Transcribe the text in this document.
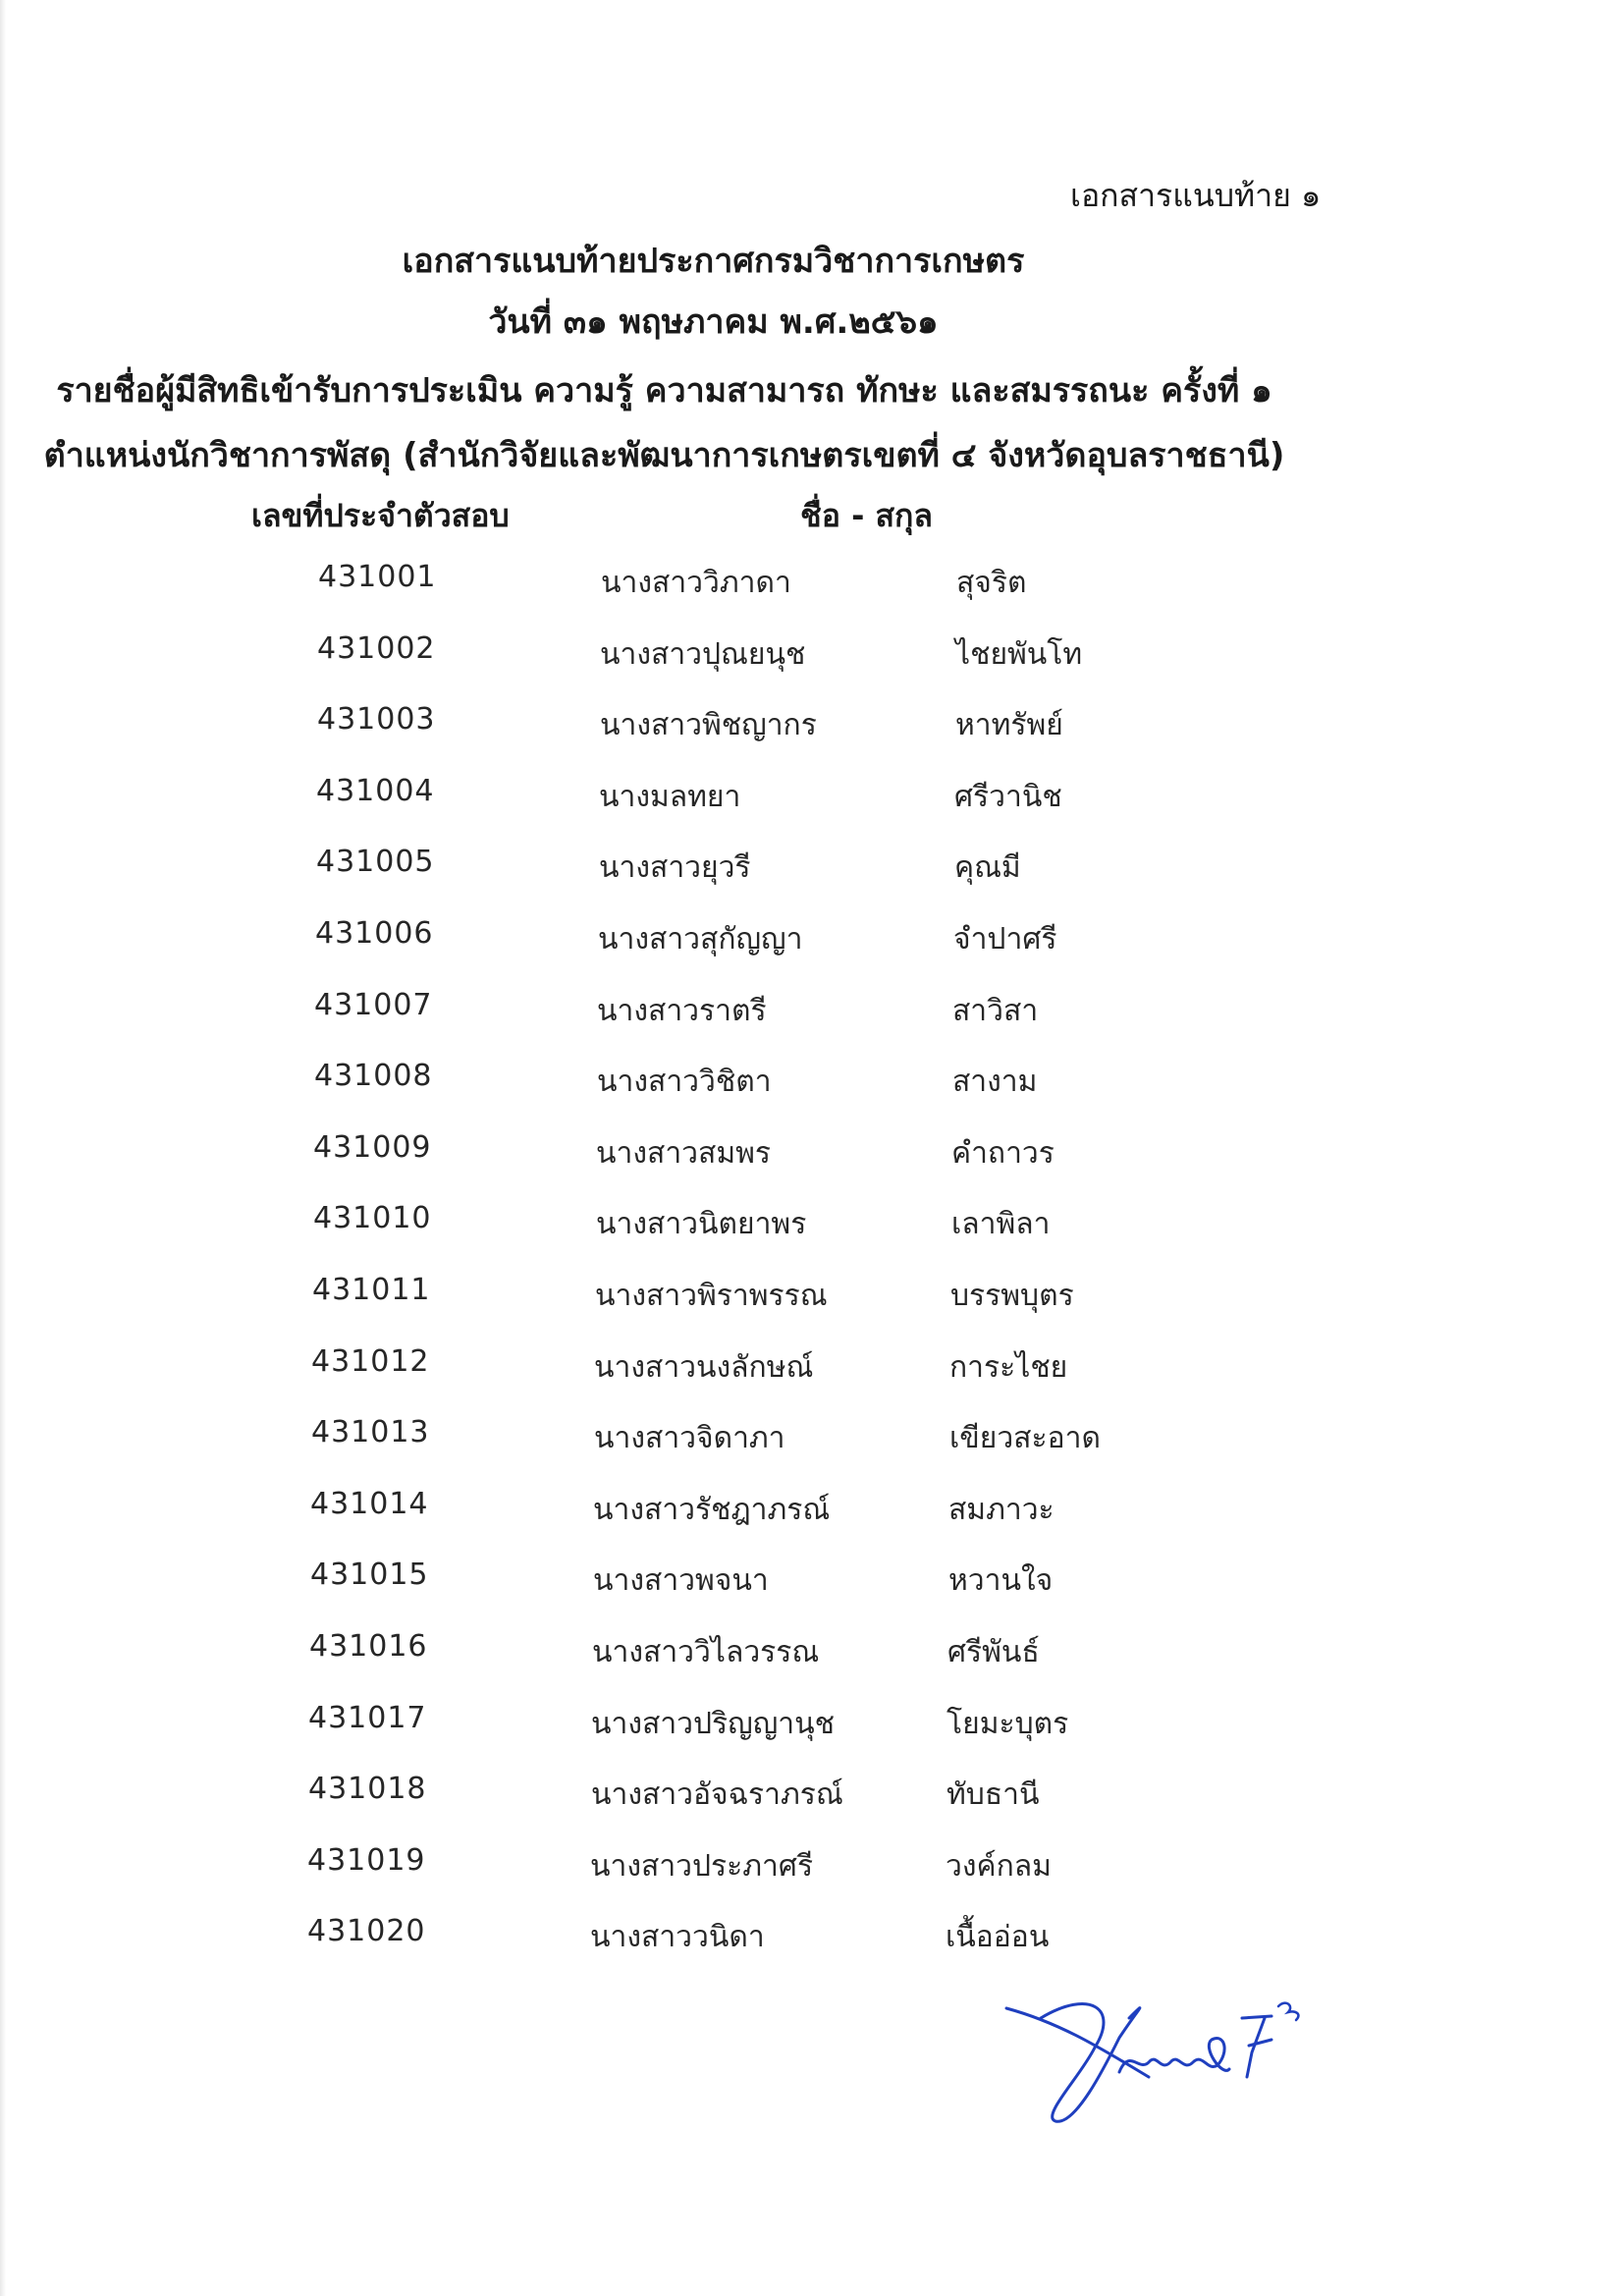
เอกสารแนบท้าย ๑
เอกสารแนบท้ายประกาศกรมวิชาการเกษตร
วันที่ ๓๑ พฤษภาคม พ.ศ.๒๕๖๑
รายชื่อผู้มีสิทธิเข้ารับการประเมิน ความรู้ ความสามารถ ทักษะ และสมรรถนะ ครั้งที่ ๑
ตำแหน่งนักวิชาการพัสดุ (สำนักวิจัยและพัฒนาการเกษตรเขตที่ ๔ จังหวัดอุบลราชธานี)
เลขที่ประจำตัวสอบ	ชื่อ - สกุล
431001	นางสาววิภาดา	สุจริต
431002	นางสาวปุณยนุช	ไชยพันโท
431003	นางสาวพิชญากร	หาทรัพย์
431004	นางมลทยา	ศรีวานิช
431005	นางสาวยุวรี	คุณมี
431006	นางสาวสุกัญญา	จำปาศรี
431007	นางสาวราตรี	สาวิสา
431008	นางสาววิชิตา	สางาม
431009	นางสาวสมพร	คำถาวร
431010	นางสาวนิตยาพร	เลาพิลา
431011	นางสาวพิราพรรณ	บรรพบุตร
431012	นางสาวนงลักษณ์	การะไชย
431013	นางสาวจิดาภา	เขียวสะอาด
431014	นางสาวรัชฎาภรณ์	สมภาวะ
431015	นางสาวพจนา	หวานใจ
431016	นางสาววิไลวรรณ	ศรีพันธ์
431017	นางสาวปริญญานุช	โยมะบุตร
431018	นางสาวอัจฉราภรณ์	ทับธานี
431019	นางสาวประภาศรี	วงค์กลม
431020	นางสาววนิดา	เนื้ออ่อน
